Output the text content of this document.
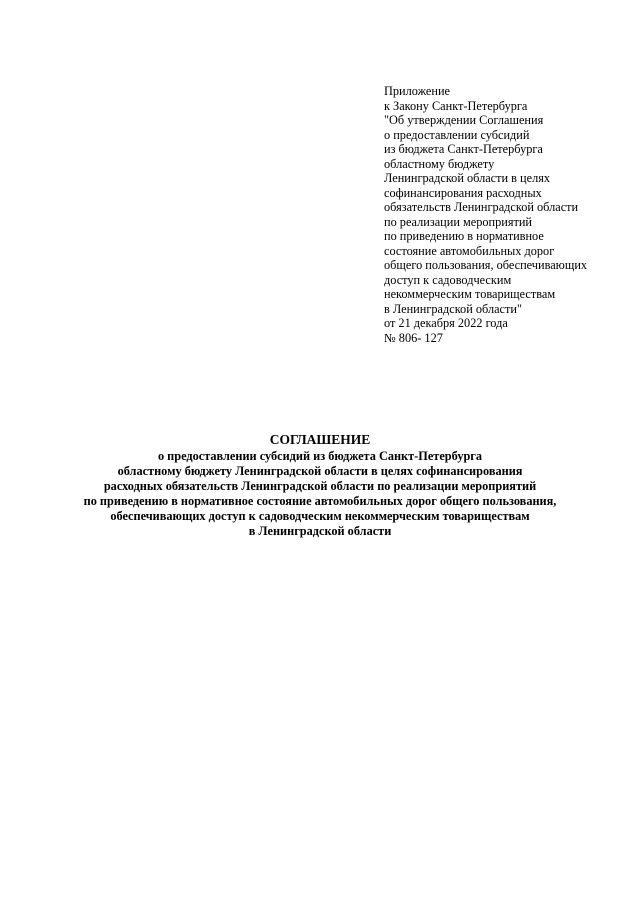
Приложение
к Закону Санкт-Петербурга
"Об утверждении Соглашения
о предоставлении субсидий
из бюджета Санкт-Петербурга
областному бюджету
Ленинградской области в целях
софинансирования расходных
обязательств Ленинградской области
по реализации мероприятий
по приведению в нормативное
состояние автомобильных дорог
общего пользования, обеспечивающих
доступ к садоводческим
некоммерческим товариществам
в Ленинградской области"
от 21 декабря 2022 года
№ 806- 127
СОГЛАШЕНИЕ
о предоставлении субсидий из бюджета Санкт-Петербурга
областному бюджету Ленинградской области в целях софинансирования
расходных обязательств Ленинградской области по реализации мероприятий
по приведению в нормативное состояние автомобильных дорог общего пользования,
обеспечивающих доступ к садоводческим некоммерческим товариществам
в Ленинградской области
